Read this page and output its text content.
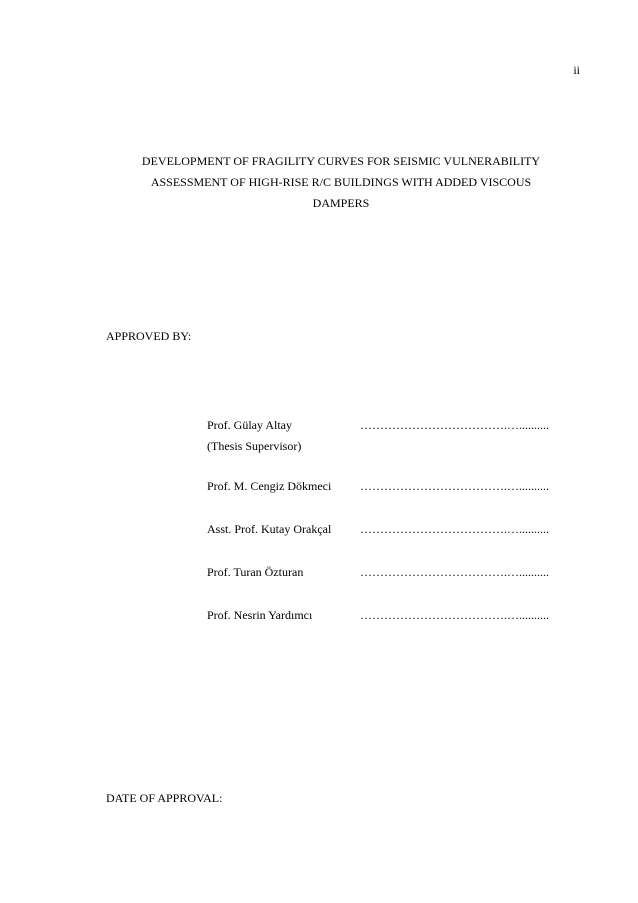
ii
DEVELOPMENT OF FRAGILITY CURVES FOR SEISMIC VULNERABILITY
ASSESSMENT OF HIGH-RISE R/C BUILDINGS WITH ADDED VISCOUS
DAMPERS
APPROVED BY:
Prof. Gülay Altay
(Thesis Supervisor)
……………………………….…..........
Prof. M. Cengiz Dökmeci ……………………………….…..........
Asst. Prof. Kutay Orakçal ……………………………….…..........
Prof. Turan Özturan	……………………………….…..........
Prof. Nesrin Yardımcı	……………………………….…..........
DATE OF APPROVAL:
